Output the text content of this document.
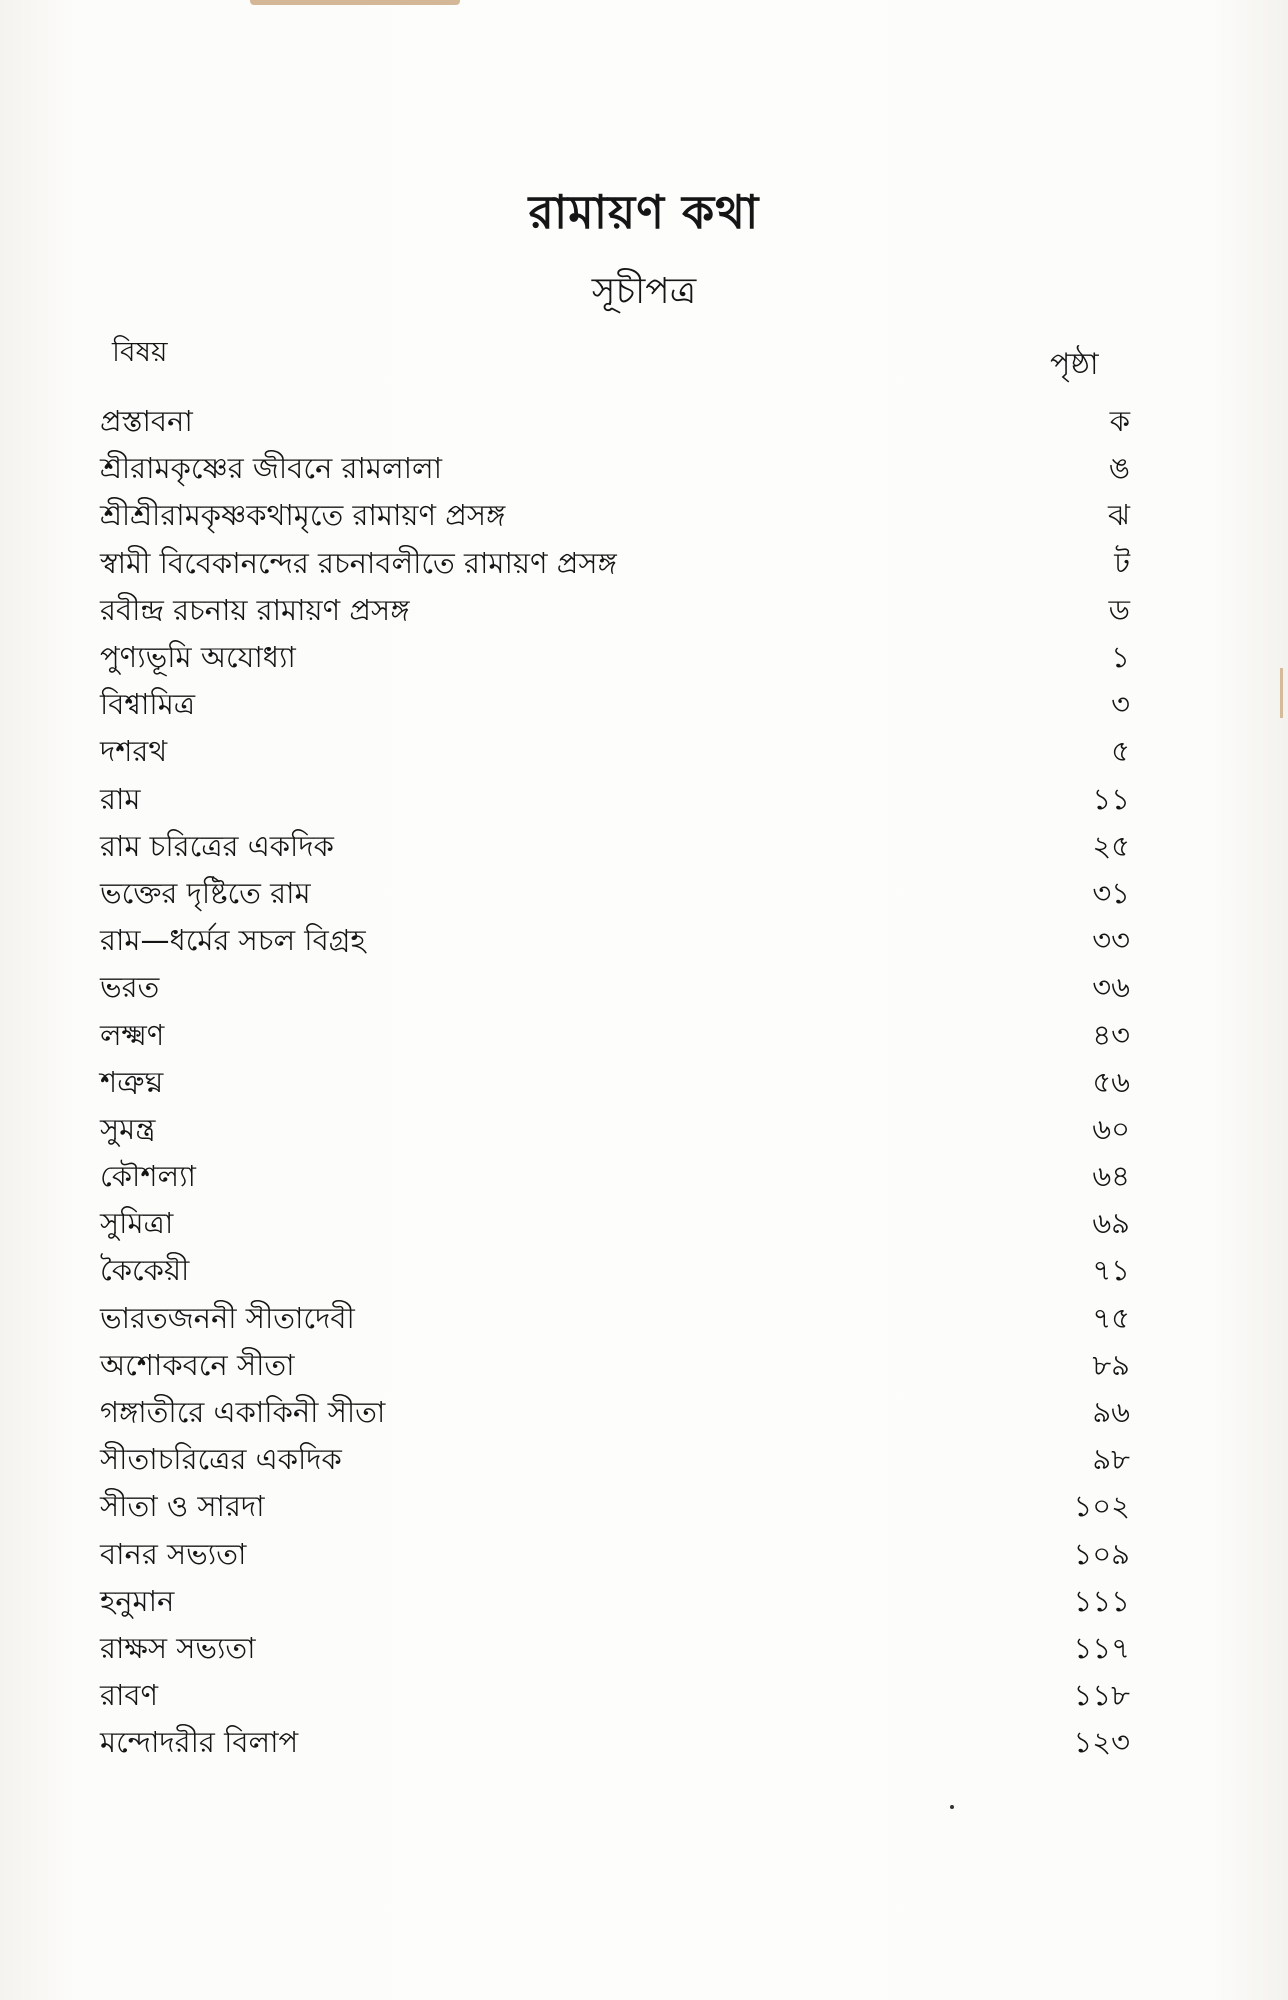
রামায়ণ কথা
সূচীপত্র
বিষয়	পৃষ্ঠা
প্রস্তাবনা	ক
শ্রীরামকৃষ্ণের জীবনে রামলালা	ঙ
শ্রীশ্রীরামকৃষ্ণকথামৃতে রামায়ণ প্রসঙ্গ	ঝ
স্বামী বিবেকানন্দের রচনাবলীতে রামায়ণ প্রসঙ্গ	ট
রবীন্দ্র রচনায় রামায়ণ প্রসঙ্গ	ড
পুণ্যভূমি অযোধ্যা	১
বিশ্বামিত্র	৩
দশরথ	৫
রাম	১১
রাম চরিত্রের একদিক	২৫
ভক্তের দৃষ্টিতে রাম	৩১
রাম—ধর্মের সচল বিগ্রহ	৩৩
ভরত	৩৬
লক্ষ্মণ	৪৩
শত্রুঘ্ন	৫৬
সুমন্ত্র	৬০
কৌশল্যা	৬৪
সুমিত্রা	৬৯
কৈকেয়ী	৭১
ভারতজননী সীতাদেবী	৭৫
অশোকবনে সীতা	৮৯
গঙ্গাতীরে একাকিনী সীতা	৯৬
সীতাচরিত্রের একদিক	৯৮
সীতা ও সারদা	১০২
বানর সভ্যতা	১০৯
হনুমান	১১১
রাক্ষস সভ্যতা	১১৭
রাবণ	১১৮
মন্দোদরীর বিলাপ	১২৩
